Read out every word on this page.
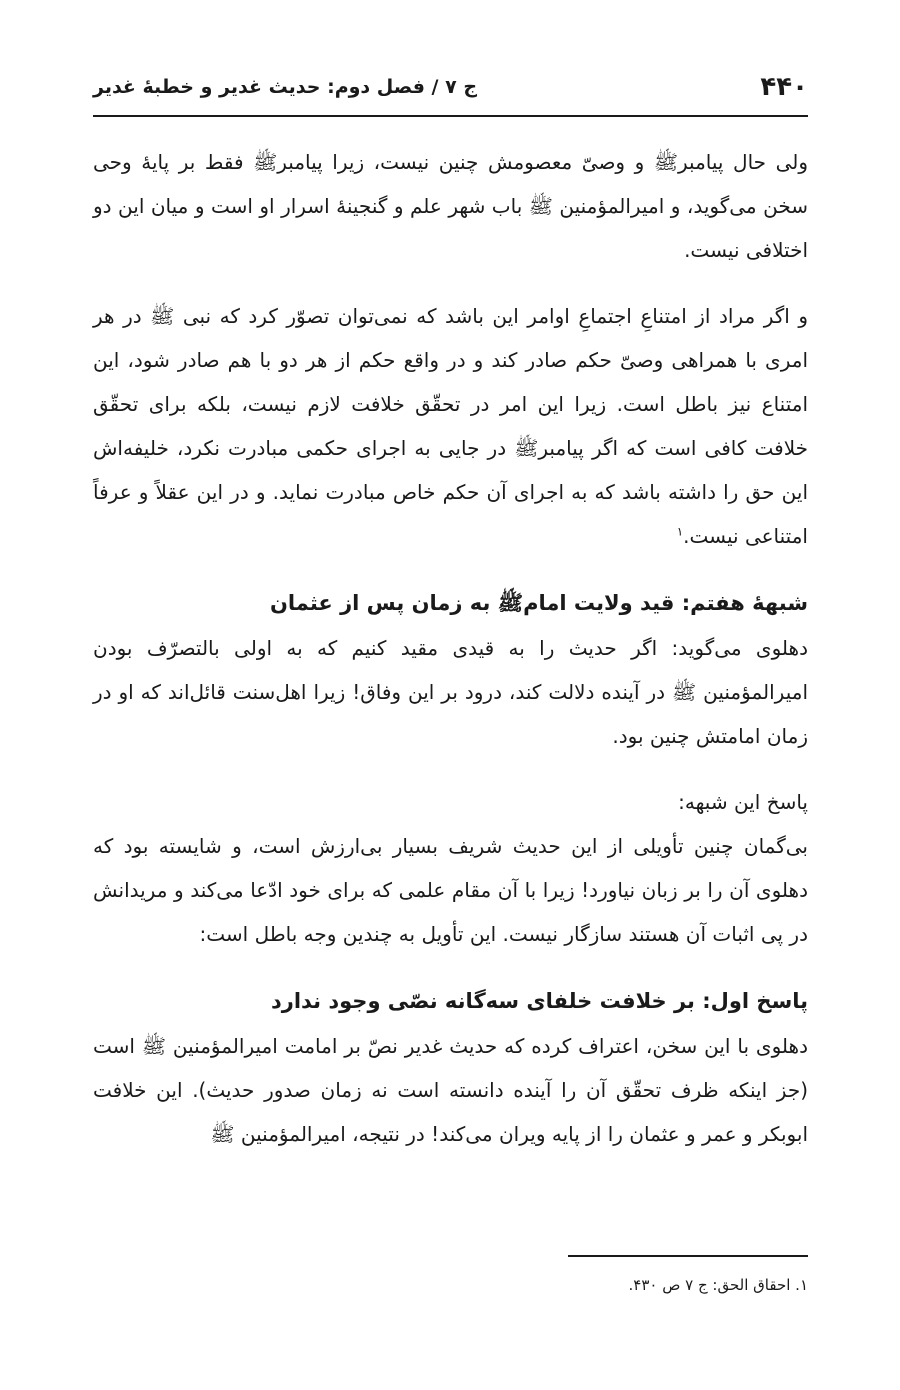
۴۴۰
ج ۷ / فصل دوم: حدیث غدیر و خطبهٔ غدیر

ولی حال پیامبرﷺ و وصیّ معصومش چنین نیست، زیرا پیامبرﷺ فقط بر پایهٔ وحی سخن می‌گوید، و امیرالمؤمنین ﷺ باب شهر علم و گنجینهٔ اسرار او است و میان این دو اختلافی نیست.

و اگر مراد از امتناعِ اجتماعِ اوامر این باشد که نمی‌توان تصوّر کرد که نبی ﷺ در هر امری با همراهی وصیّ حکم صادر کند و در واقع حکم از هر دو با هم صادر شود، این امتناع نیز باطل است. زیرا این امر در تحقّق خلافت لازم نیست، بلکه برای تحقّق خلافت کافی است که اگر پیامبرﷺ در جایی به اجرای حکمی مبادرت نکرد، خلیفه‌اش این حق را داشته باشد که به اجرای آن حکم خاص مبادرت نماید. و در این عقلاً و عرفاً امتناعی نیست.$^۱$

شبههٔ هفتم: قید ولایت امامﷺ به زمان پس از عثمان

دهلوی می‌گوید: اگر حدیث را به قیدی مقید کنیم که به اولی بالتصرّف بودن امیرالمؤمنین ﷺ در آینده دلالت کند، درود بر این وفاق! زیرا اهل‌سنت قائل‌اند که او در زمان امامتش چنین بود.

پاسخ این شبهه:

بی‌گمان چنین تأویلی از این حدیث شریف بسیار بی‌ارزش است، و شایسته بود که دهلوی آن را بر زبان نیاورد! زیرا با آن مقام علمی که برای خود ادّعا می‌کند و مریدانش در پی اثبات آن هستند سازگار نیست. این تأویل به چندین وجه باطل است:

پاسخ اول: بر خلافت خلفای سه‌گانه نصّی وجود ندارد

دهلوی با این سخن، اعتراف کرده که حدیث غدیر نصّ بر امامت امیرالمؤمنین ﷺ است (جز اینکه ظرف تحقّق آن را آینده دانسته است نه زمان صدور حدیث). این خلافت ابوبکر و عمر و عثمان را از پایه ویران می‌کند! در نتیجه، امیرالمؤمنین ﷺ

۱. احقاق الحق: ج ۷ ص ۴۳۰.
